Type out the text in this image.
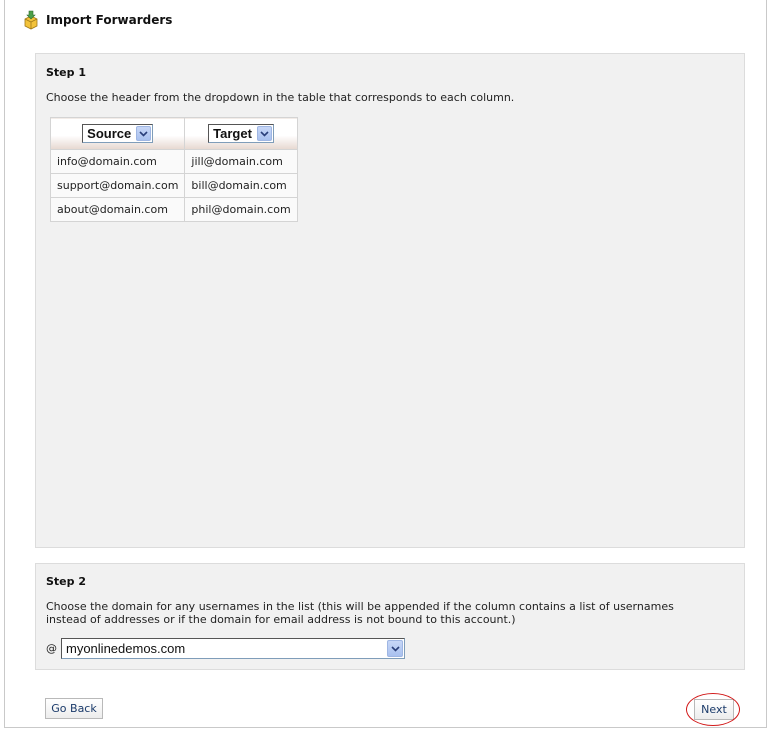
Import Forwarders
Step 1
Choose the header from the dropdown in the table that corresponds to each column.
Source	Target

info@domain.com	jill@domain.com
support@domain.com	bill@domain.com
about@domain.com	phil@domain.com
Step 2
Choose the domain for any usernames in the list (this will be appended if the column contains a list of usernames
instead of addresses or if the domain for email address is not bound to this account.)
@ myonlinedemos.com
Go Back	Next
